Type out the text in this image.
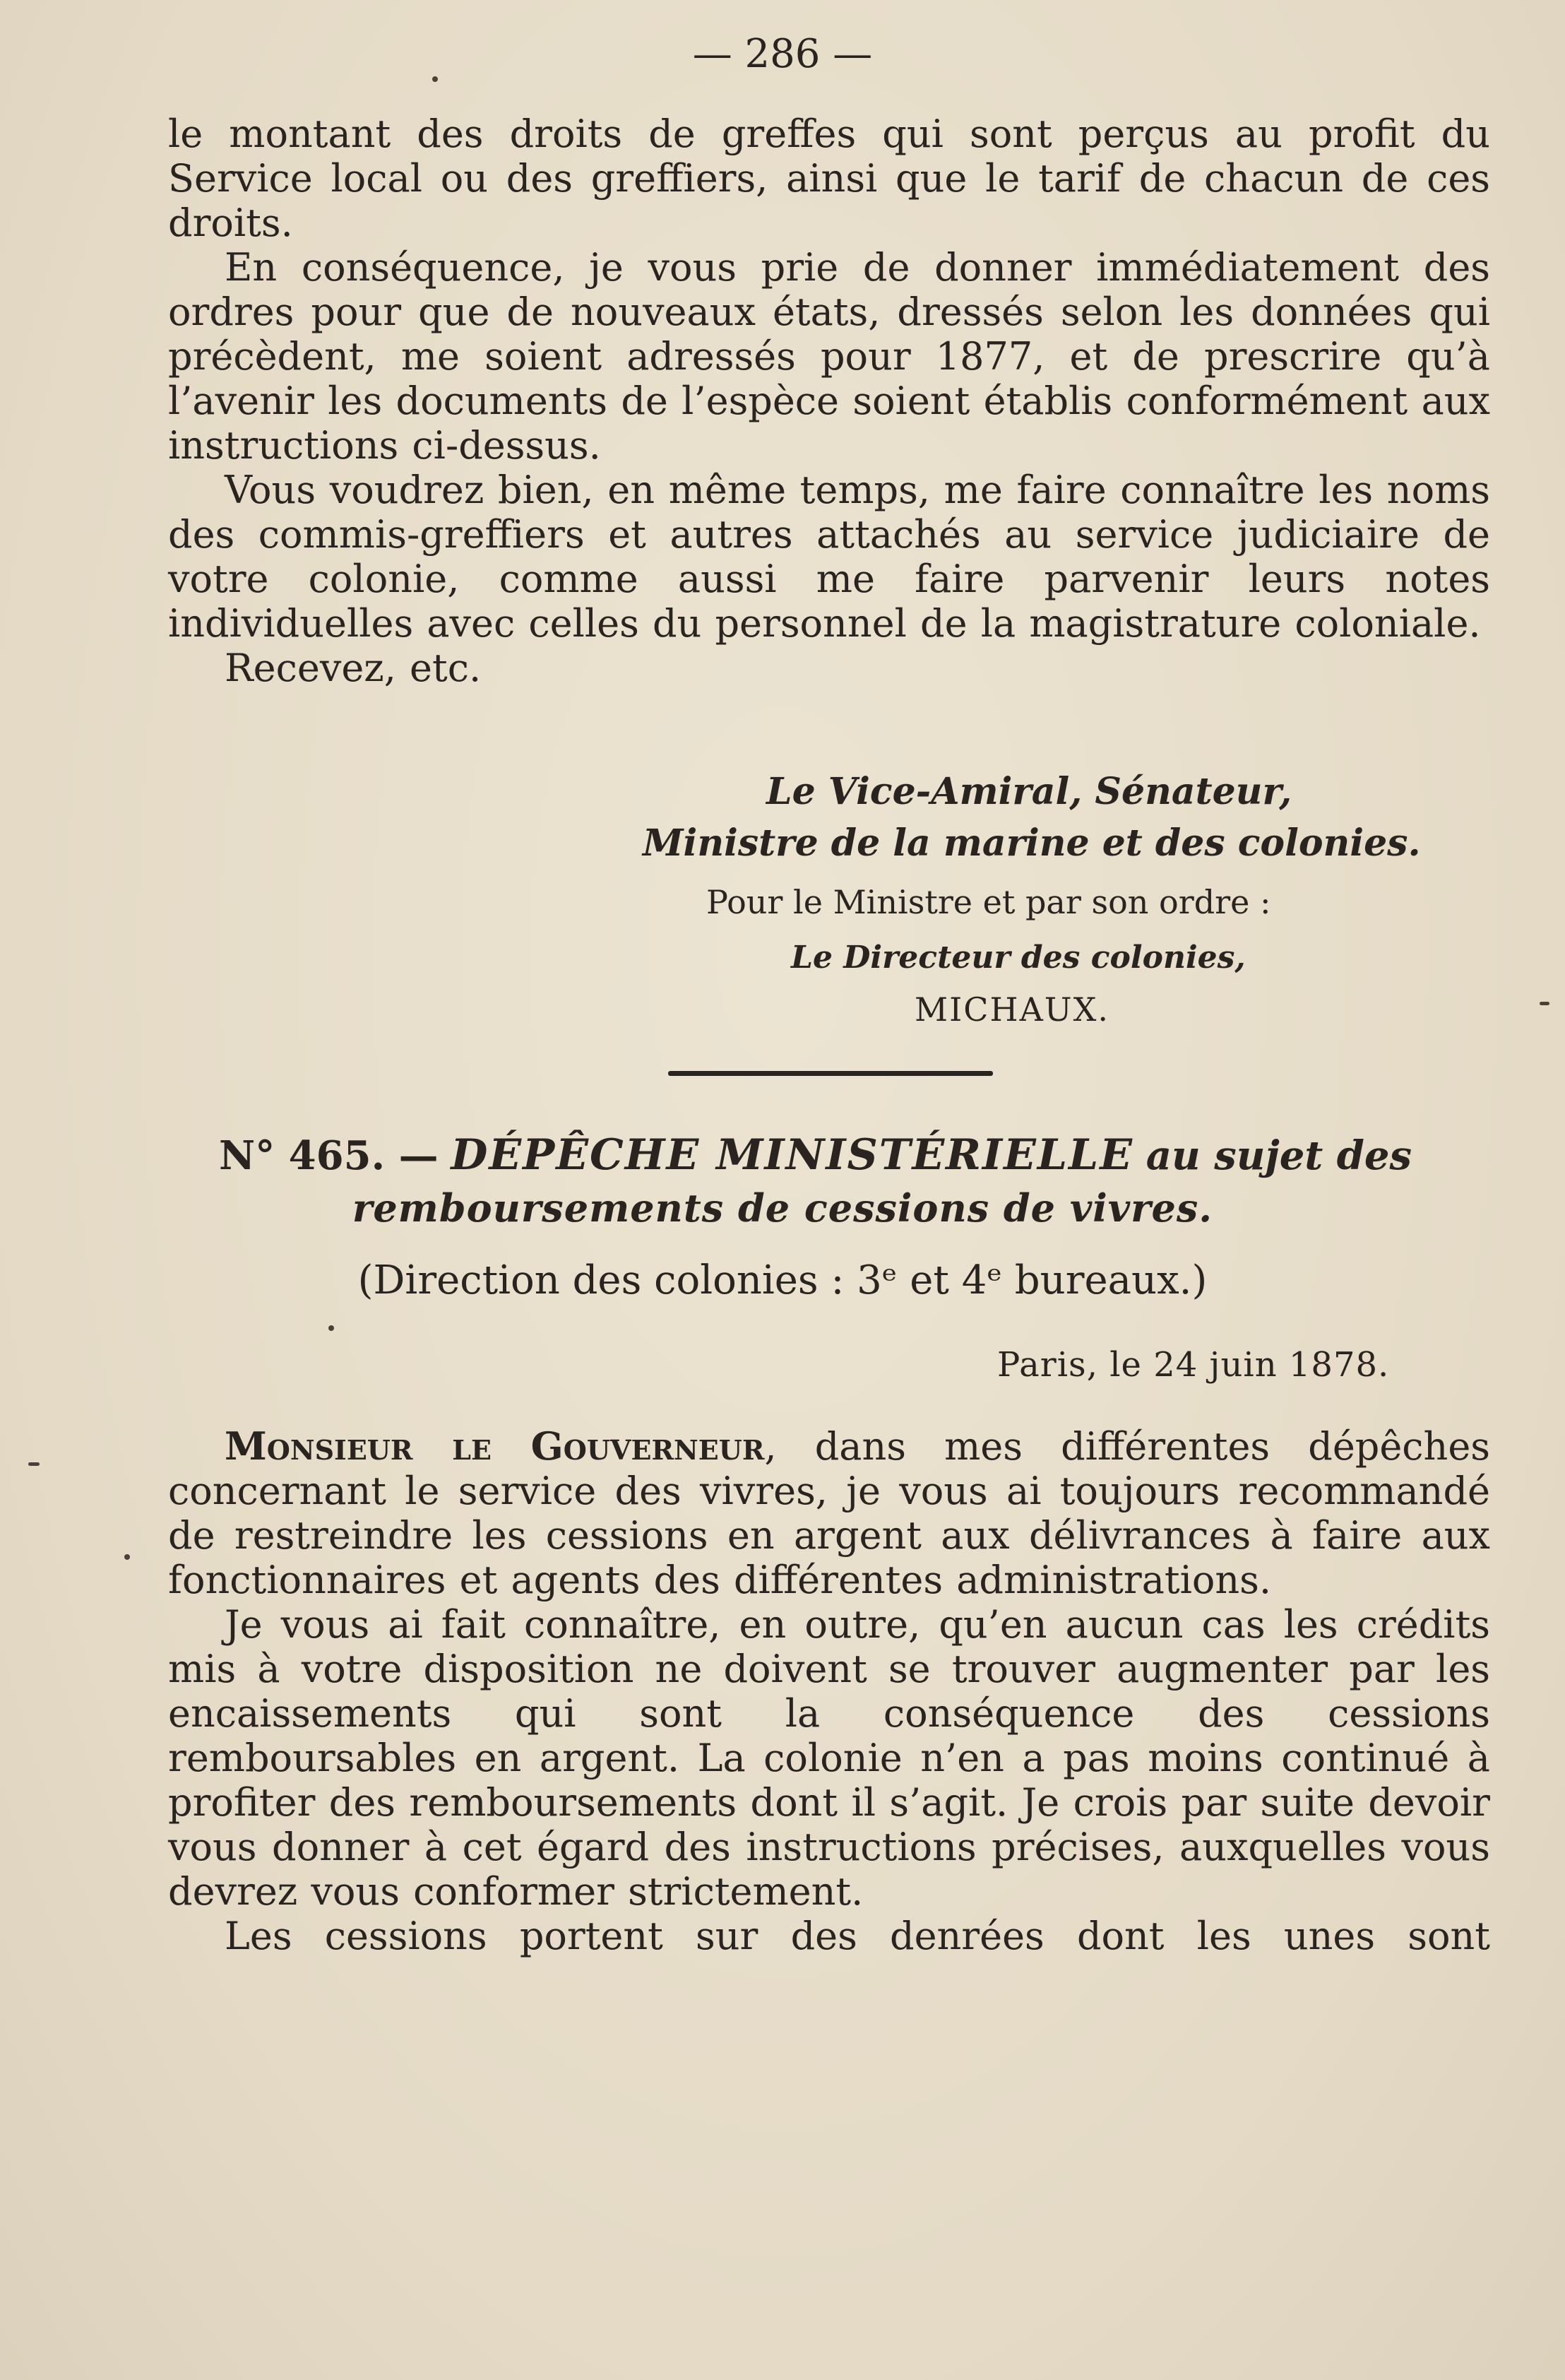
— 286 —

le montant des droits de greffes qui sont perçus au profit du Service local ou des greffiers, ainsi que le tarif de chacun de ces droits.

En conséquence, je vous prie de donner immédiatement des ordres pour que de nouveaux états, dressés selon les données qui précèdent, me soient adressés pour 1877, et de prescrire qu’à l’avenir les documents de l’espèce soient établis conformément aux instructions ci-dessus.

Vous voudrez bien, en même temps, me faire connaître les noms des commis-greffiers et autres attachés au service judiciaire de votre colonie, comme aussi me faire parvenir leurs notes individuelles avec celles du personnel de la magistrature coloniale.

Recevez, etc.

Le Vice-Amiral, Sénateur,
Ministre de la marine et des colonies.
Pour le Ministre et par son ordre :
Le Directeur des colonies,
MICHAUX.
N° 465. — DÉPÊCHE MINISTÉRIELLE au sujet des
remboursements de cessions de vivres.
(Direction des colonies : 3ᵉ et 4ᵉ bureaux.)
Paris, le 24 juin 1878.

Monsieur le Gouverneur, dans mes différentes dépêches concernant le service des vivres, je vous ai toujours recommandé de restreindre les cessions en argent aux délivrances à faire aux fonctionnaires et agents des différentes administrations.

Je vous ai fait connaître, en outre, qu’en aucun cas les crédits mis à votre disposition ne doivent se trouver augmenter par les encaissements qui sont la conséquence des cessions remboursables en argent. La colonie n’en a pas moins continué à profiter des remboursements dont il s’agit. Je crois par suite devoir vous donner à cet égard des instructions précises, auxquelles vous devrez vous conformer strictement.

Les cessions portent sur des denrées dont les unes sont
